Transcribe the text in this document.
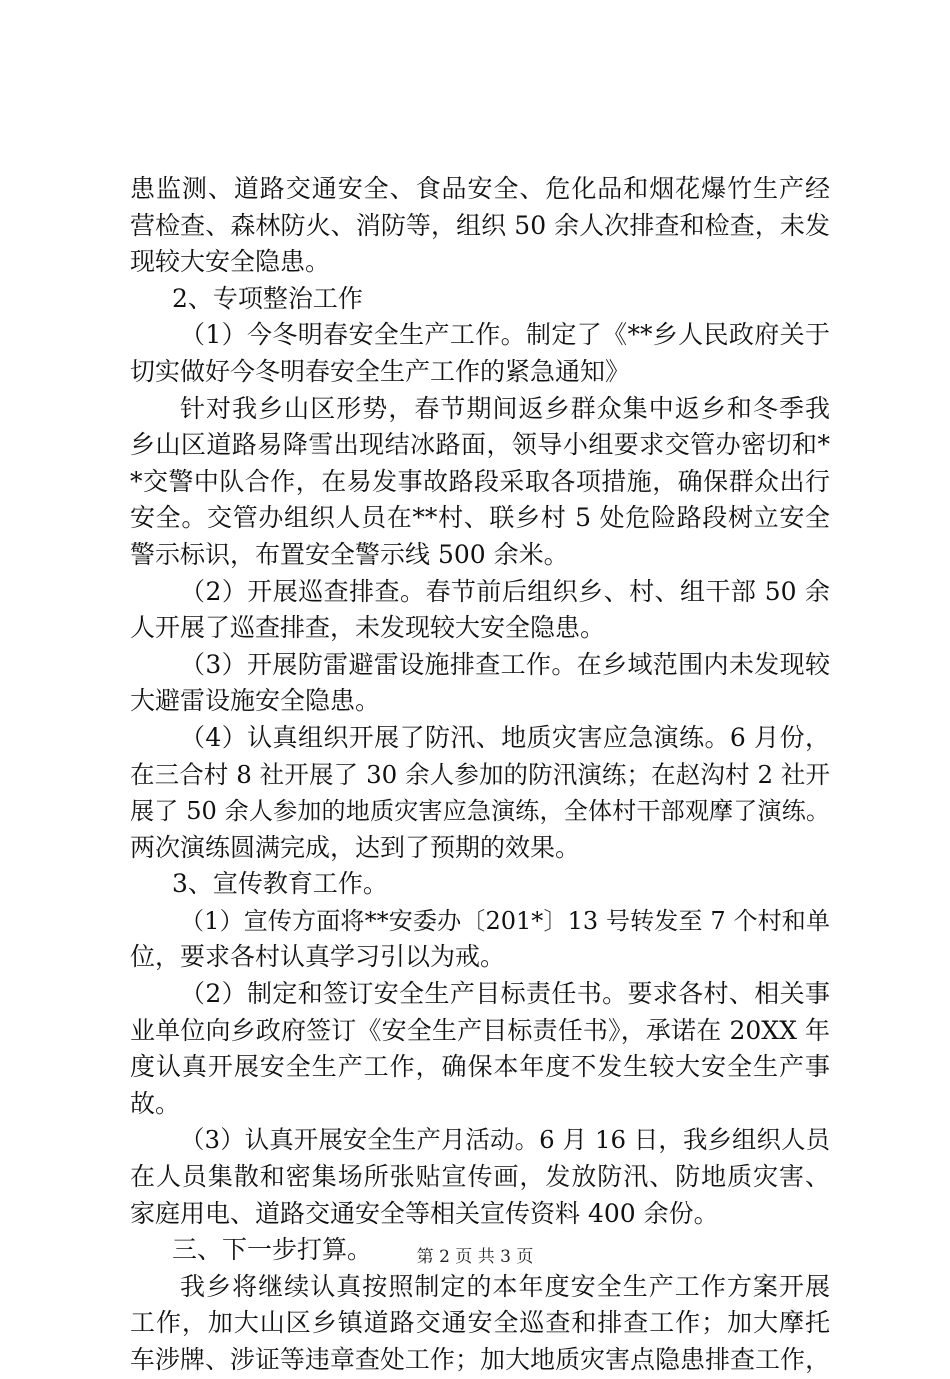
患监测、道路交通安全、食品安全、危化品和烟花爆竹生产经
营检查、森林防火、消防等，组织 50 余人次排查和检查，未发
现较大安全隐患。
2、专项整治工作
（1）今冬明春安全生产工作。制定了《**乡人民政府关于
切实做好今冬明春安全生产工作的紧急通知》
针对我乡山区形势，春节期间返乡群众集中返乡和冬季我
乡山区道路易降雪出现结冰路面，领导小组要求交管办密切和*
*交警中队合作，在易发事故路段采取各项措施，确保群众出行
安全。交管办组织人员在**村、联乡村 5 处危险路段树立安全
警示标识，布置安全警示线 500 余米。
（2）开展巡查排查。春节前后组织乡、村、组干部 50 余
人开展了巡查排查，未发现较大安全隐患。
（3）开展防雷避雷设施排查工作。在乡域范围内未发现较
大避雷设施安全隐患。
（4）认真组织开展了防汛、地质灾害应急演练。6 月份，
在三合村 8 社开展了 30 余人参加的防汛演练；在赵沟村 2 社开
展了 50 余人参加的地质灾害应急演练，全体村干部观摩了演练。
两次演练圆满完成，达到了预期的效果。
3、宣传教育工作。
（1）宣传方面将**安委办〔201*〕13 号转发至 7 个村和单
位，要求各村认真学习引以为戒。
（2）制定和签订安全生产目标责任书。要求各村、相关事
业单位向乡政府签订《安全生产目标责任书》，承诺在 20XX 年
度认真开展安全生产工作，确保本年度不发生较大安全生产事
故。
（3）认真开展安全生产月活动。6 月 16 日，我乡组织人员
在人员集散和密集场所张贴宣传画，发放防汛、防地质灾害、
家庭用电、道路交通安全等相关宣传资料 400 余份。
三、下一步打算。
我乡将继续认真按照制定的本年度安全生产工作方案开展
工作，加大山区乡镇道路交通安全巡查和排查工作；加大摩托
车涉牌、涉证等违章查处工作；加大地质灾害点隐患排查工作，
第 2 页 共 3 页
